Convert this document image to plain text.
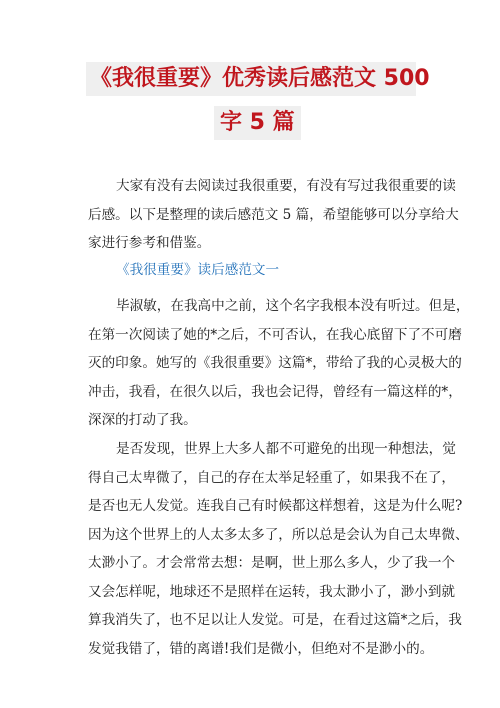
《我很重要》优秀读后感范文 500
字 5 篇

大家有没有去阅读过我很重要，有没有写过我很重要的读
后感。以下是整理的读后感范文 5 篇，希望能够可以分享给大
家进行参考和借鉴。

《我很重要》读后感范文一

毕淑敏，在我高中之前，这个名字我根本没有听过。但是，
在第一次阅读了她的*之后，不可否认，在我心底留下了不可磨
灭的印象。她写的《我很重要》这篇*，带给了我的心灵极大的
冲击，我看，在很久以后，我也会记得，曾经有一篇这样的*，
深深的打动了我。

是否发现，世界上大多人都不可避免的出现一种想法，觉
得自己太卑微了，自己的存在太举足轻重了，如果我不在了，
是否也无人发觉。连我自己有时候都这样想着，这是为什么呢?
因为这个世界上的人太多太多了，所以总是会认为自己太卑微、
太渺小了。才会常常去想：是啊，世上那么多人，少了我一个
又会怎样呢，地球还不是照样在运转，我太渺小了，渺小到就
算我消失了，也不足以让人发觉。可是，在看过这篇*之后，我
发觉我错了，错的离谱!我们是微小，但绝对不是渺小的。
